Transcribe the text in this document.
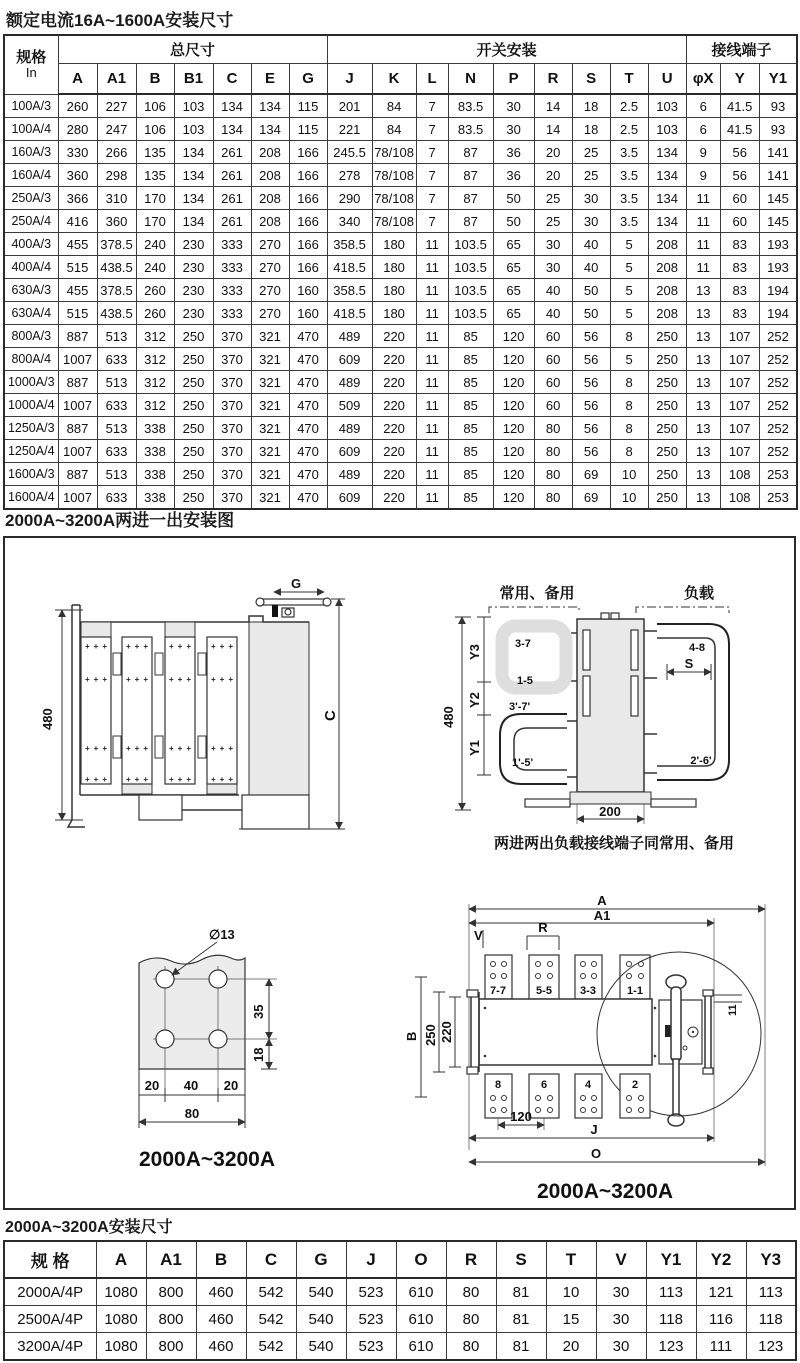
额定电流16A~1600A安装尺寸
规格
In	总尺寸							开关安装									接线端子		
	A	A1	B	B1	C	E	G	J	K	L	N	P	R	S	T	U	φX	Y	Y1
100A/3	260	227	106	103	134	134	115	201	84	7	83.5	30	14	18	2.5	103	6	41.5	93
100A/4	280	247	106	103	134	134	115	221	84	7	83.5	30	14	18	2.5	103	6	41.5	93
160A/3	330	266	135	134	261	208	166	245.5	78/108	7	87	36	20	25	3.5	134	9	56	141
160A/4	360	298	135	134	261	208	166	278	78/108	7	87	36	20	25	3.5	134	9	56	141
250A/3	366	310	170	134	261	208	166	290	78/108	7	87	50	25	30	3.5	134	11	60	145
250A/4	416	360	170	134	261	208	166	340	78/108	7	87	50	25	30	3.5	134	11	60	145
400A/3	455	378.5	240	230	333	270	166	358.5	180	11	103.5	65	30	40	5	208	11	83	193
400A/4	515	438.5	240	230	333	270	166	418.5	180	11	103.5	65	30	40	5	208	11	83	193
630A/3	455	378.5	260	230	333	270	160	358.5	180	11	103.5	65	40	50	5	208	13	83	194
630A/4	515	438.5	260	230	333	270	160	418.5	180	11	103.5	65	40	50	5	208	13	83	194
800A/3	887	513	312	250	370	321	470	489	220	11	85	120	60	56	8	250	13	107	252
800A/4	1007	633	312	250	370	321	470	609	220	11	85	120	60	56	5	250	13	107	252
1000A/3	887	513	312	250	370	321	470	489	220	11	85	120	60	56	8	250	13	107	252
1000A/4	1007	633	312	250	370	321	470	509	220	11	85	120	60	56	8	250	13	107	252
1250A/3	887	513	338	250	370	321	470	489	220	11	85	120	80	56	8	250	13	107	252
1250A/4	1007	633	338	250	370	321	470	609	220	11	85	120	80	56	8	250	13	107	252
1600A/3	887	513	338	250	370	321	470	489	220	11	85	120	80	69	10	250	13	108	253
1600A/4	1007	633	338	250	370	321	470	609	220	11	85	120	80	69	10	250	13	108	253
2000A~3200A两进一出安装图
480
+++ +++ +++ +++
+++ +++ +++ +++
+++ +++ +++ +++
+++ +++ +++ +++
G
C
常用、备用	负载
480
Y3
Y2
Y1
3-7
1-5
3'-7'
1'-5'
4-8
S
2'-6'
200
两进两出负载接线端子同常用、备用
∅13
35
18
20 40 20
80
2000A~3200A
A
A1
V
R
7-7	5-5	3-3	1-1
11
B 250 220
8	6	4	2
120
J
O
2000A~3200A
2000A~3200A安装尺寸
规 格	A	A1	B	C	G	J	O	R	S	T	V	Y1	Y2	Y3
2000A/4P	1080	800	460	542	540	523	610	80	81	10	30	113	121	113
2500A/4P	1080	800	460	542	540	523	610	80	81	15	30	118	116	118
3200A/4P	1080	800	460	542	540	523	610	80	81	20	30	123	111	123
